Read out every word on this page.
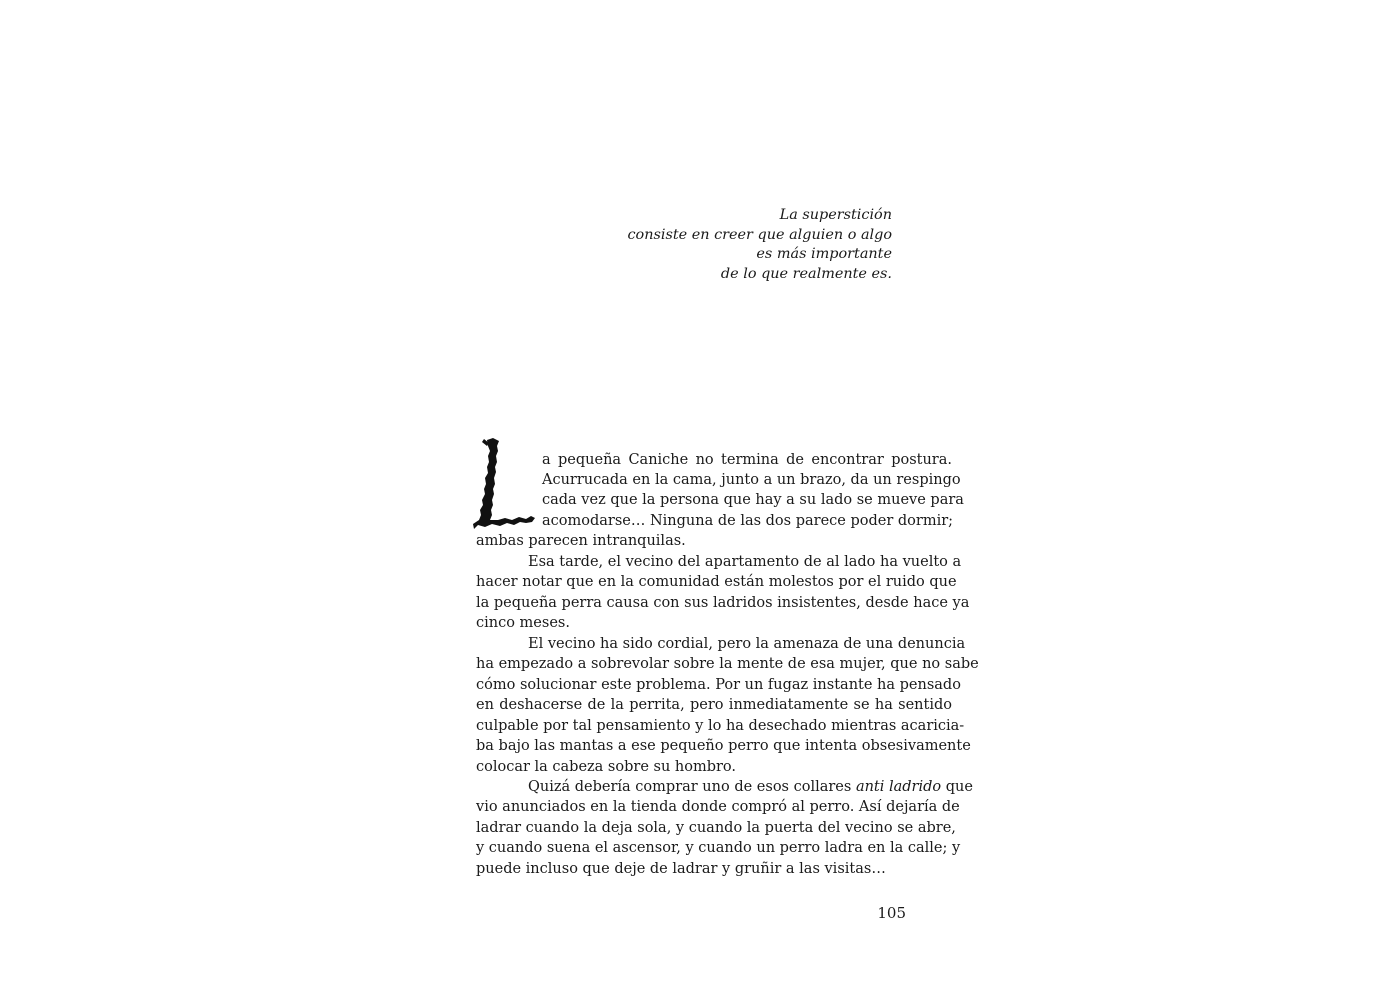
La superstición
consiste en creer que alguien o algo
es más importante
de lo que realmente es.
a pequeña Caniche no termina de encontrar postura.
Acurrucada en la cama, junto a un brazo, da un respingo
cada vez que la persona que hay a su lado se mueve para
acomodarse… Ninguna de las dos parece poder dormir;
ambas parecen intranquilas.
Esa tarde, el vecino del apartamento de al lado ha vuelto a
hacer notar que en la comunidad están molestos por el ruido que
la pequeña perra causa con sus ladridos insistentes, desde hace ya
cinco meses.
El vecino ha sido cordial, pero la amenaza de una denuncia
ha empezado a sobrevolar sobre la mente de esa mujer, que no sabe
cómo solucionar este problema. Por un fugaz instante ha pensado
en deshacerse de la perrita, pero inmediatamente se ha sentido
culpable por tal pensamiento y lo ha desechado mientras acaricia-
ba bajo las mantas a ese pequeño perro que intenta obsesivamente
colocar la cabeza sobre su hombro.
Quizá debería comprar uno de esos collares anti ladrido que
vio anunciados en la tienda donde compró al perro. Así dejaría de
ladrar cuando la deja sola, y cuando la puerta del vecino se abre,
y cuando suena el ascensor, y cuando un perro ladra en la calle; y
puede incluso que deje de ladrar y gruñir a las visitas…
105
